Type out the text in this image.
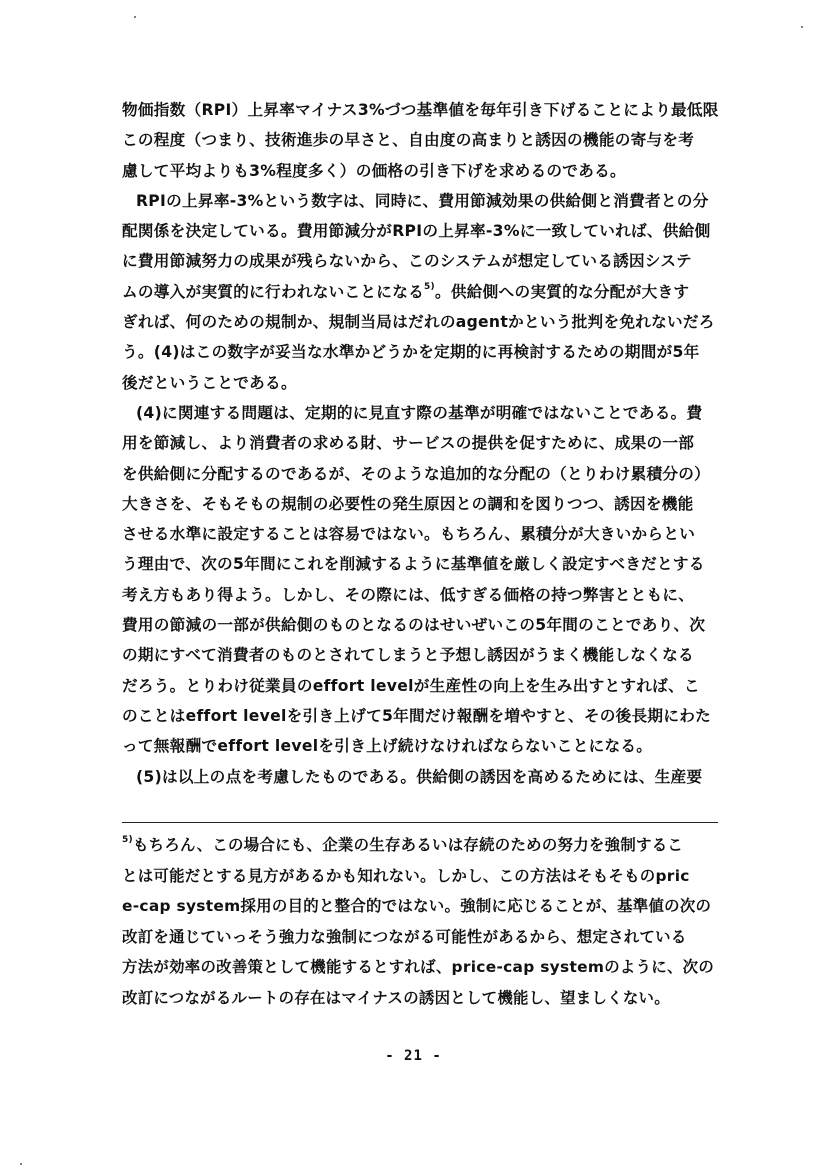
物価指数（RPI）上昇率マイナス3%づつ基準値を毎年引き下げることにより最低限
この程度（つまり、技術進歩の早さと、自由度の高まりと誘因の機能の寄与を考
慮して平均よりも3%程度多く）の価格の引き下げを求めるのである。
RPIの上昇率-3%という数字は、同時に、費用節減効果の供給側と消費者との分
配関係を決定している。費用節減分がRPIの上昇率-3%に一致していれば、供給側
に費用節減努力の成果が残らないから、このシステムが想定している誘因システ
ムの導入が実質的に行われないことになる$^{5)}$。供給側への実質的な分配が大きす
ぎれば、何のための規制か、規制当局はだれのagentかという批判を免れないだろ
う。(4)はこの数字が妥当な水準かどうかを定期的に再検討するための期間が5年
後だということである。
(4)に関連する問題は、定期的に見直す際の基準が明確ではないことである。費
用を節減し、より消費者の求める財、サービスの提供を促すために、成果の一部
を供給側に分配するのであるが、そのような追加的な分配の（とりわけ累積分の）
大きさを、そもそもの規制の必要性の発生原因との調和を図りつつ、誘因を機能
させる水準に設定することは容易ではない。もちろん、累積分が大きいからとい
う理由で、次の5年間にこれを削減するように基準値を厳しく設定すべきだとする
考え方もあり得よう。しかし、その際には、低すぎる価格の持つ弊害とともに、
費用の節減の一部が供給側のものとなるのはせいぜいこの5年間のことであり、次
の期にすべて消費者のものとされてしまうと予想し誘因がうまく機能しなくなる
だろう。とりわけ従業員のeffort levelが生産性の向上を生み出すとすれば、こ
のことはeffort levelを引き上げて5年間だけ報酬を増やすと、その後長期にわた
って無報酬でeffort levelを引き上げ続けなければならないことになる。
(5)は以上の点を考慮したものである。供給側の誘因を高めるためには、生産要
$^{5)}$もちろん、この場合にも、企業の生存あるいは存続のための努力を強制するこ
とは可能だとする見方があるかも知れない。しかし、この方法はそもそものpric
e-cap system採用の目的と整合的ではない。強制に応じることが、基準値の次の
改訂を通じていっそう強力な強制につながる可能性があるから、想定されている
方法が効率の改善策として機能するとすれば、price-cap systemのように、次の
改訂につながるルートの存在はマイナスの誘因として機能し、望ましくない。
- 21 -
